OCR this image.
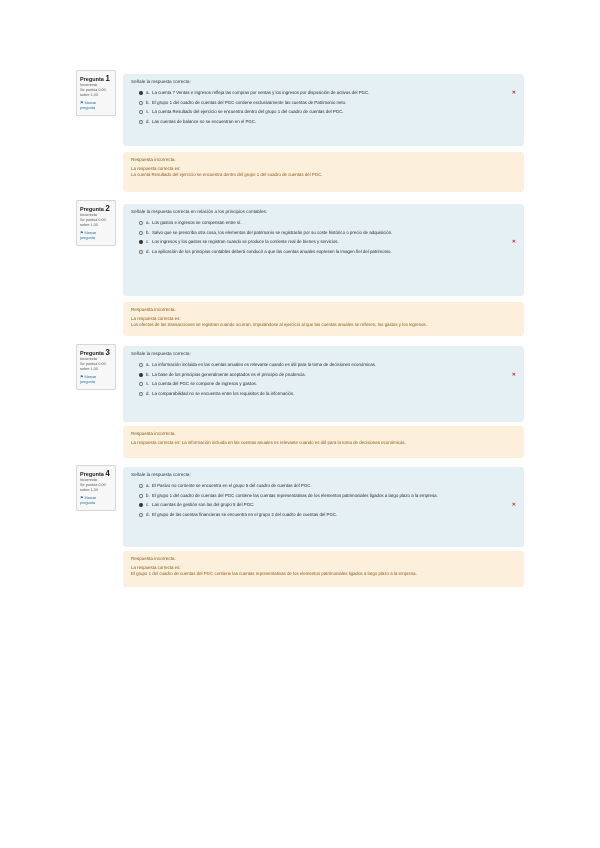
Pregunta 1
Incorrecta
Se puntúa 0,00
sobre 1,00
⚑ Marcar pregunta
Señale la respuesta correcta:
a. La cuenta 7 Ventas e ingresos refleja las compras por ventas y los ingresos por disposición de activos del PGC.	✕
b. El grupo 1 del cuadro de cuentas del PGC contiene exclusivamente las cuentas de Patrimonio neto.
c. La cuenta Resultado del ejercicio se encuentra dentro del grupo 1 del cuadro de cuentas del PGC.
d. Las cuentas de balance no se encuentran en el PGC.
Respuesta incorrecta.
La respuesta correcta es:
La cuenta Resultado del ejercicio se encuentra dentro del grupo 1 del cuadro de cuentas del PGC.
Pregunta 2
Incorrecta
Se puntúa 0,00
sobre 1,00
⚑ Marcar pregunta
Señale la respuesta correcta en relación a los principios contables:
a. Los gastos e ingresos se compensan entre sí.
b. Salvo que se prescriba otra cosa, los elementos del patrimonio se registrarán por su coste histórico o precio de adquisición.
c. Los ingresos y los gastos se registran cuando se produce la corriente real de bienes y servicios.	✕
d. La aplicación de los principios contables deberá conducir a que las cuentas anuales expresen la imagen fiel del patrimonio.
Respuesta incorrecta.
La respuesta correcta es:
Los efectos de las transacciones se registran cuando ocurran, imputándose al ejercicio al que las cuentas anuales se refieren, los gastos y los ingresos.
Pregunta 3
Incorrecta
Se puntúa 0,00
sobre 1,00
⚑ Marcar pregunta
Señale la respuesta correcta:
a. La información incluida en las cuentas anuales es relevante cuando es útil para la toma de decisiones económicas.
b. La base de los principios generalmente aceptados es el principio de prudencia.	✕
c. La cuenta del PGC se compone de ingresos y gastos.
d. La comparabilidad no se encuentra entre los requisitos de la información.
Respuesta incorrecta.
La respuesta correcta es: La información incluida en las cuentas anuales es relevante cuando es útil para la toma de decisiones económicas.
Pregunta 4
Incorrecta
Se puntúa 0,00
sobre 1,00
⚑ Marcar pregunta
Señale la respuesta correcta:
a. El Pasivo no corriente se encuentra en el grupo 5 del cuadro de cuentas del PGC.
b. El grupo 1 del cuadro de cuentas del PGC contiene las cuentas representativas de los elementos patrimoniales ligados a largo plazo a la empresa.
c. Las cuentas de gestión son las del grupo 5 del PGC.	✕
d. El grupo de las cuentas financieras se encuentra en el grupo 2 del cuadro de cuentas del PGC.
Respuesta incorrecta.
La respuesta correcta es:
El grupo 1 del cuadro de cuentas del PGC contiene las cuentas representativas de los elementos patrimoniales ligados a largo plazo a la empresa.
